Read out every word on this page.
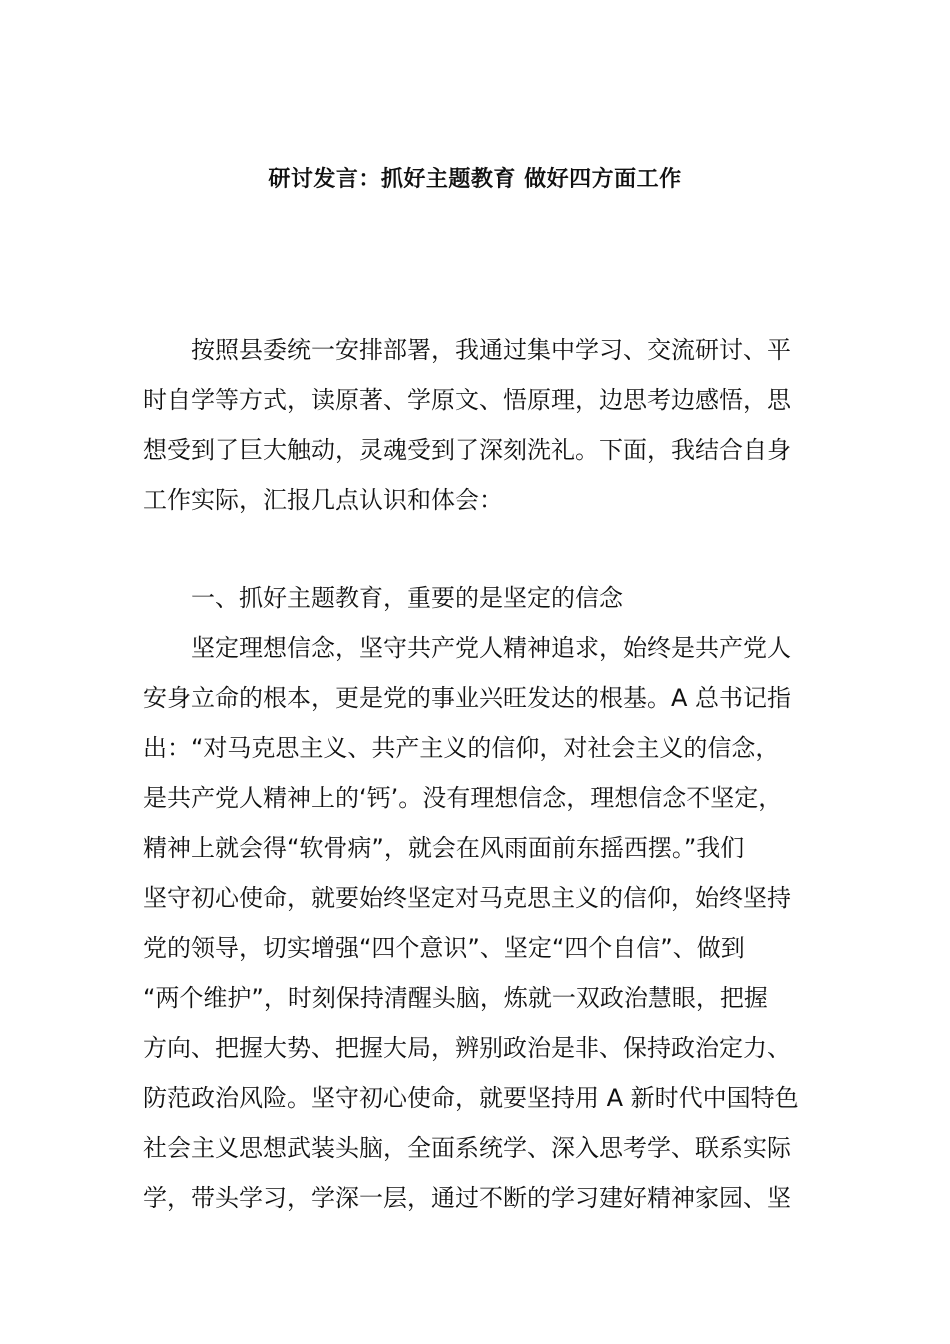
研讨发言：抓好主题教育 做好四方面工作
按照县委统一安排部署，我通过集中学习、交流研讨、平
时自学等方式，读原著、学原文、悟原理，边思考边感悟，思
想受到了巨大触动，灵魂受到了深刻洗礼。下面，我结合自身
工作实际，汇报几点认识和体会：
一、抓好主题教育，重要的是坚定的信念
坚定理想信念，坚守共产党人精神追求，始终是共产党人
安身立命的根本，更是党的事业兴旺发达的根基。A 总书记指
出：“对马克思主义、共产主义的信仰，对社会主义的信念，
是共产党人精神上的‘钙’。没有理想信念，理想信念不坚定，
精神上就会得“软骨病”，就会在风雨面前东摇西摆。”我们
坚守初心使命，就要始终坚定对马克思主义的信仰，始终坚持
党的领导，切实增强“四个意识”、坚定“四个自信”、做到
“两个维护”，时刻保持清醒头脑，炼就一双政治慧眼，把握
方向、把握大势、把握大局，辨别政治是非、保持政治定力、
防范政治风险。坚守初心使命，就要坚持用 A 新时代中国特色
社会主义思想武装头脑，全面系统学、深入思考学、联系实际
学，带头学习，学深一层，通过不断的学习建好精神家园、坚
